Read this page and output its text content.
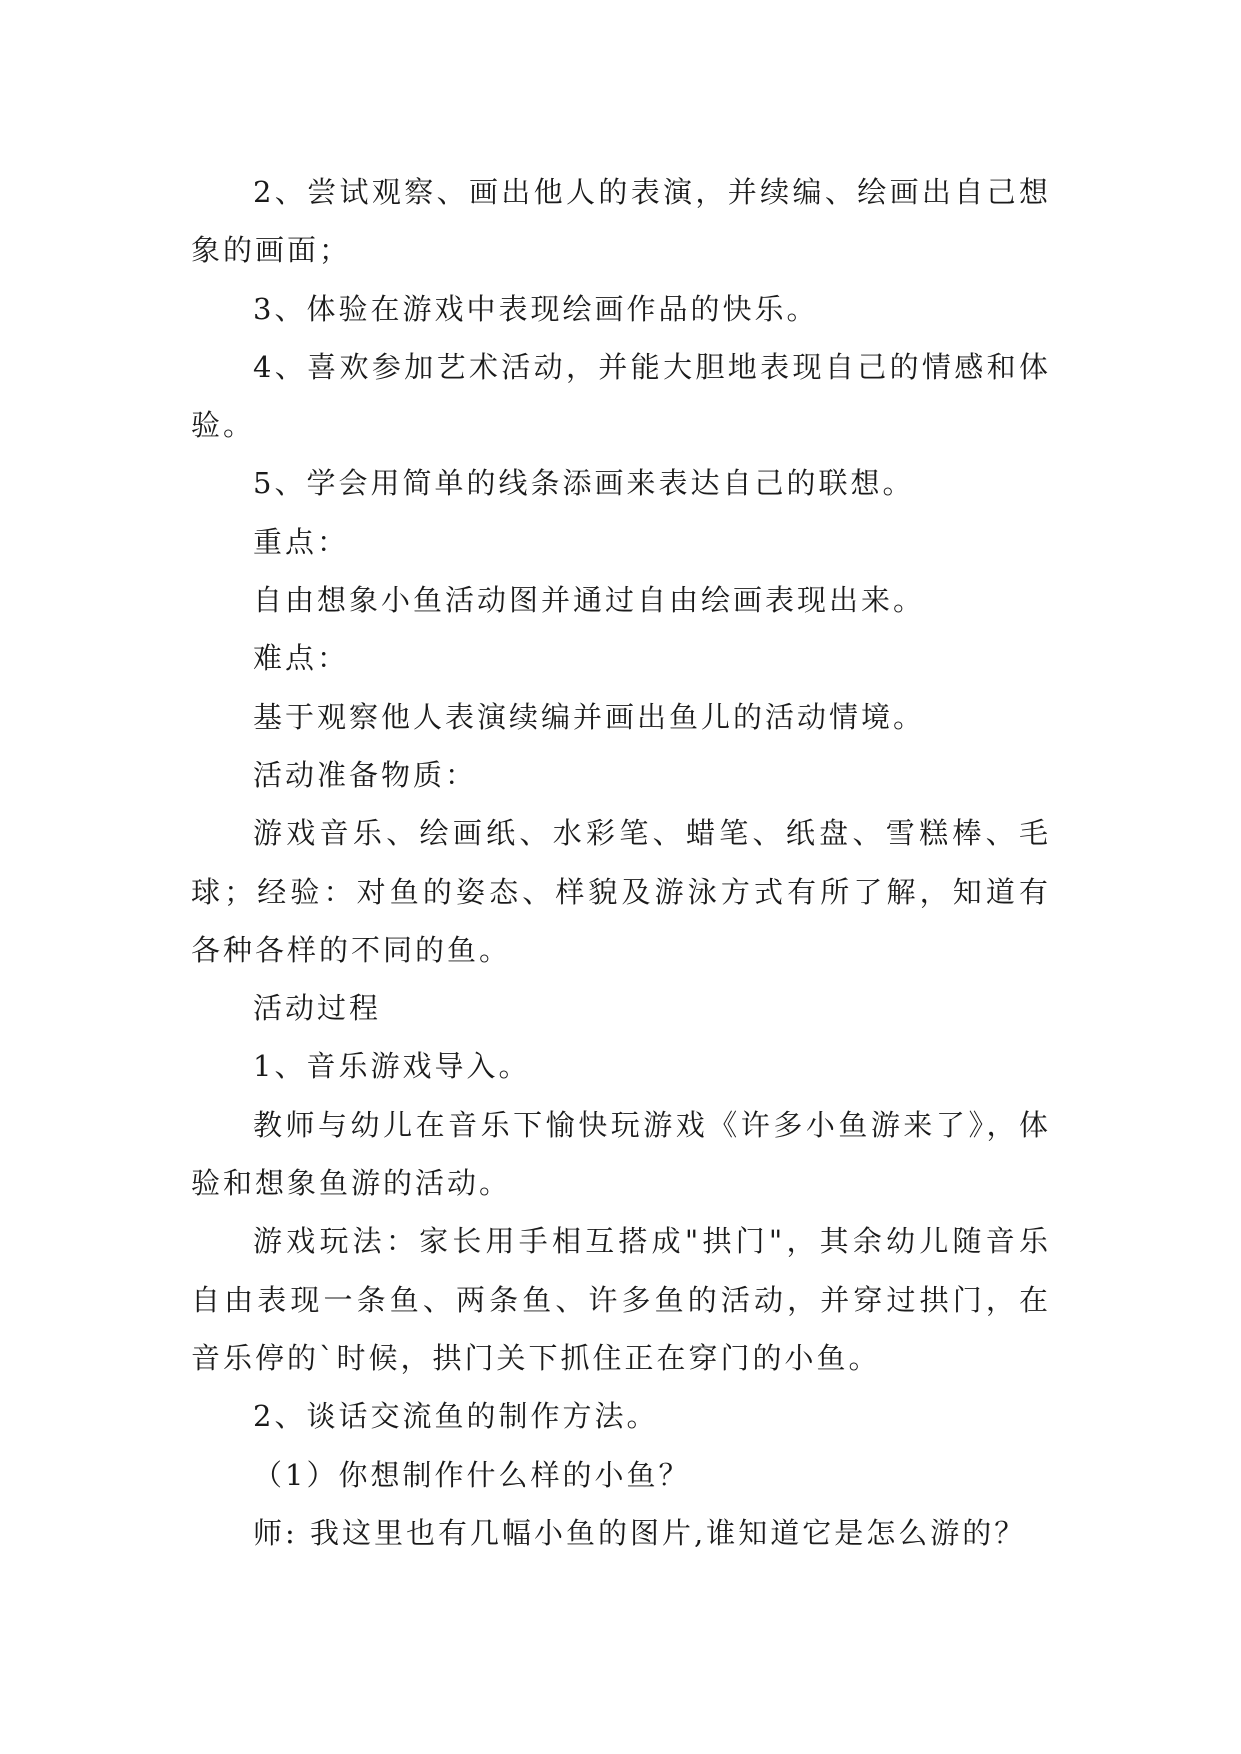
2、尝试观察、画出他人的表演，并续编、绘画出自己想象的画面；

3、体验在游戏中表现绘画作品的快乐。

4、喜欢参加艺术活动，并能大胆地表现自己的情感和体验。

5、学会用简单的线条添画来表达自己的联想。

重点：

自由想象小鱼活动图并通过自由绘画表现出来。

难点：

基于观察他人表演续编并画出鱼儿的活动情境。

活动准备物质：

游戏音乐、绘画纸、水彩笔、蜡笔、纸盘、雪糕棒、毛球；经验：对鱼的姿态、样貌及游泳方式有所了解，知道有各种各样的不同的鱼。

活动过程

1、音乐游戏导入。

教师与幼儿在音乐下愉快玩游戏《许多小鱼游来了》，体验和想象鱼游的活动。

游戏玩法：家长用手相互搭成"拱门"，其余幼儿随音乐自由表现一条鱼、两条鱼、许多鱼的活动，并穿过拱门，在音乐停的`时候，拱门关下抓住正在穿门的小鱼。

2、谈话交流鱼的制作方法。

（1）你想制作什么样的小鱼？

师: 我这里也有几幅小鱼的图片,谁知道它是怎么游的？
